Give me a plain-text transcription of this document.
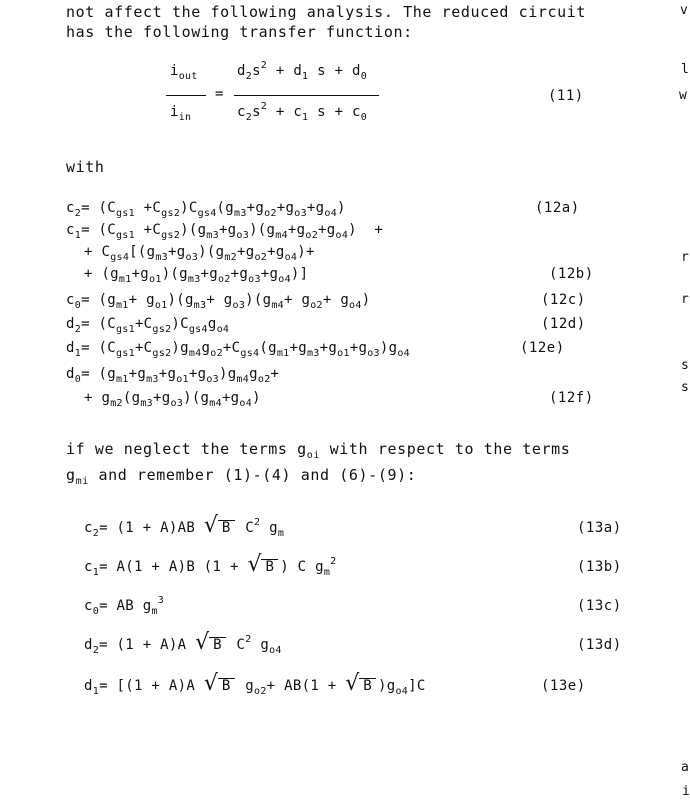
not affect the following analysis. The reduced circuit
has the following transfer function:
$i_{out}$
$i_{in}$
=
$d_2s^2 + d_1$ $s + d_0$
$c_2s^2 + c_1$ $s + c_0$
(11)
with
$c_2= (C_{gs1} +C_{gs2})C_{gs4}(g_{m3}+g_{o2}+g_{o3}+g_{o4})$	(12a)
$c_1= (C_{gs1} +C_{gs2})(g_{m3}+g_{o3})(g_{m4}+g_{o2}+g_{o4})$  +
+ $C_{gs4}[(g_{m3}+g_{o3})(g_{m2}+g_{o2}+g_{o4})+$
+ $(g_{m1}+g_{o1})(g_{m3}+g_{o2}+g_{o3}+g_{o4})$]	(12b)
$c_0= (g_{m1}+ g_{o1})(g_{m3}+ g_{o3})(g_{m4}+ g_{o2}+ g_{o4})$	(12c)
$d_2= (C_{gs1}+C_{gs2})C_{gs4}g_{o4}$	(12d)
$d_1= (C_{gs1}+C_{gs2})g_{m4}g_{o2}+C_{gs4}(g_{m1}+g_{m3}+g_{o1}+g_{o3})g_{o4}$	(12e)
$d_0= (g_{m1}+g_{m3}+g_{o1}+g_{o3})g_{m4}g_{o2}+$
+ $g_{m2}(g_{m3}+g_{o3})(g_{m4}+g_{o4})$	(12f)
if we neglect the terms $g_{oi}$ with respect to the terms
$g_{mi}$ and remember (1)-(4) and (6)-(9):
$c_2= (1 + A)AB$ √ B $C^2$ $g_m$	(13a)
$c_1= A(1 + A)B$ (1 + √ B ) C $g_m^2$	(13b)
$c_0=$ AB $g_m^3$	(13c)
$d_2= (1 + A)A$ √ B $C^2$ $g_{o4}$	(13d)
$d_1= [(1 + A)A$ √ B $g_{o2}+ AB(1$ + √ B )$g_{o4}]C$	(13e)
v
l
w
r
r
s
s
a
i
